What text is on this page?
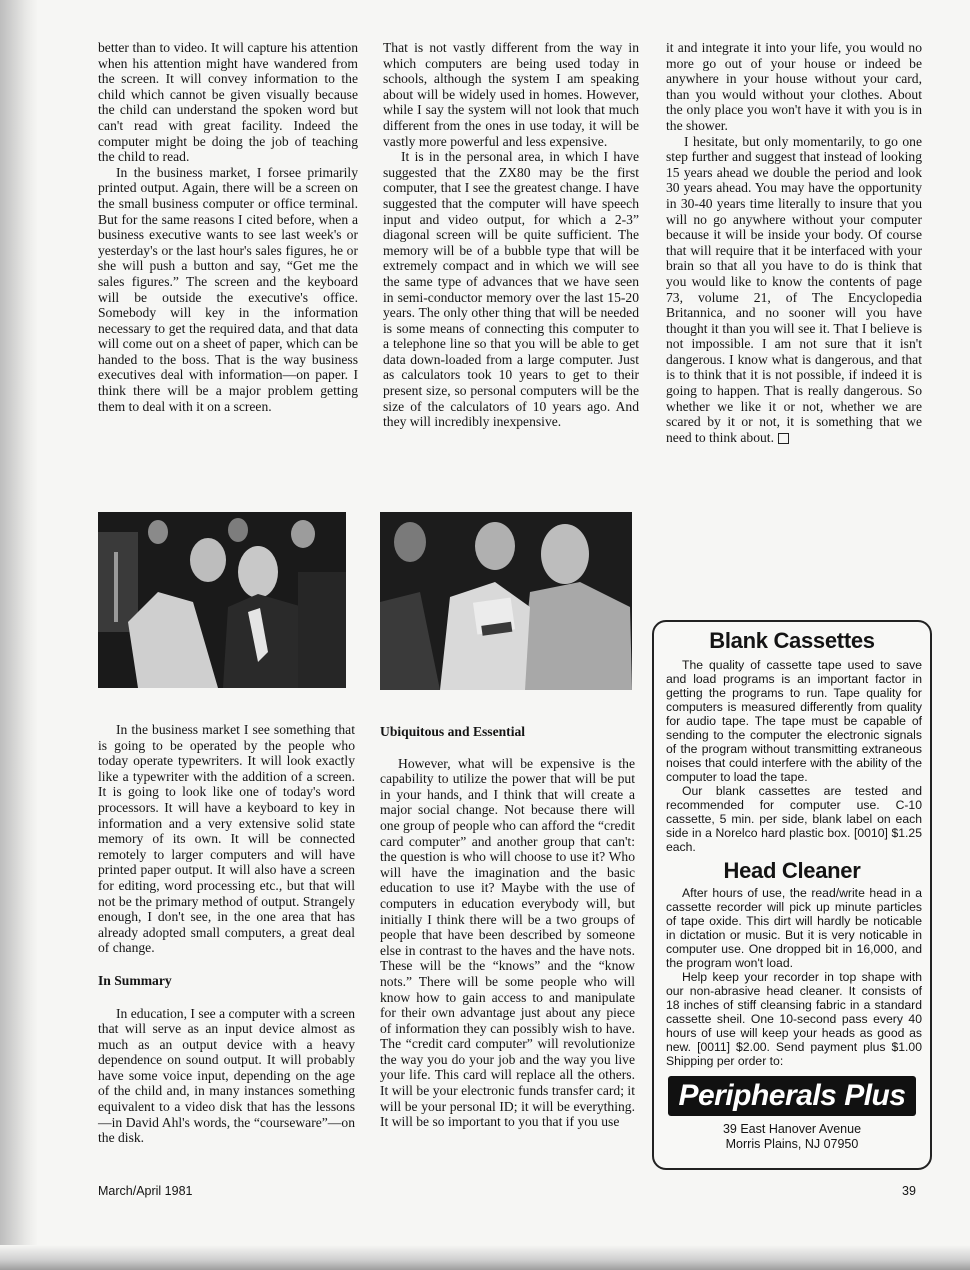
better than to video. It will capture his attention when his attention might have wandered from the screen. It will convey information to the child which cannot be given visually because the child can understand the spoken word but can't read with great facility. Indeed the computer might be doing the job of teaching the child to read.

In the business market, I forsee primarily printed output. Again, there will be a screen on the small business computer or office terminal. But for the same reasons I cited before, when a business executive wants to see last week's or yesterday's or the last hour's sales figures, he or she will push a button and say, “Get me the sales figures.” The screen and the keyboard will be outside the executive's office. Somebody will key in the information necessary to get the required data, and that data will come out on a sheet of paper, which can be handed to the boss. That is the way business executives deal with information—on paper. I think there will be a major problem getting them to deal with it on a screen.

That is not vastly different from the way in which computers are being used today in schools, although the system I am speaking about will be widely used in homes. However, while I say the system will not look that much different from the ones in use today, it will be vastly more powerful and less expensive.

It is in the personal area, in which I have suggested that the ZX80 may be the first computer, that I see the greatest change. I have suggested that the computer will have speech input and video output, for which a 2-3” diagonal screen will be quite sufficient. The memory will be of a bubble type that will be extremely compact and in which we will see the same type of advances that we have seen in semi-conductor memory over the last 15-20 years. The only other thing that will be needed is some means of connecting this computer to a telephone line so that you will be able to get data down-loaded from a large computer. Just as calculators took 10 years to get to their present size, so personal computers will be the size of the calculators of 10 years ago. And they will incredibly inexpensive.

it and integrate it into your life, you would no more go out of your house or indeed be anywhere in your house without your card, than you would without your clothes. About the only place you won't have it with you is in the shower.

I hesitate, but only momentarily, to go one step further and suggest that instead of looking 15 years ahead we double the period and look 30 years ahead. You may have the opportunity in 30-40 years time literally to insure that you will no go anywhere without your computer because it will be inside your body. Of course that will require that it be interfaced with your brain so that all you have to do is think that you would like to know the contents of page 73, volume 21, of The Encyclopedia Britannica, and no sooner will you have thought it than you will see it. That I believe is not impossible. I am not sure that it isn't dangerous. I know what is dangerous, and that is to think that it is not possible, if indeed it is going to happen. That is really dangerous. So whether we like it or not, whether we are scared by it or not, it is something that we need to think about.

In the business market I see something that is going to be operated by the people who today operate typewriters. It will look exactly like a typewriter with the addition of a screen. It is going to look like one of today's word processors. It will have a keyboard to key in information and a very extensive solid state memory of its own. It will be connected remotely to larger computers and will have printed paper output. It will also have a screen for editing, word processing etc., but that will not be the primary method of output. Strangely enough, I don't see, in the one area that has already adopted small computers, a great deal of change.

In Summary

In education, I see a computer with a screen that will serve as an input device almost as much as an output device with a heavy dependence on sound output. It will probably have some voice input, depending on the age of the child and, in many instances something equivalent to a video disk that has the lessons—in David Ahl's words, the “courseware”—on the disk.

Ubiquitous and Essential

However, what will be expensive is the capability to utilize the power that will be put in your hands, and I think that will create a major social change. Not because there will one group of people who can afford the “credit card computer” and another group that can't: the question is who will choose to use it? Who will have the imagination and the basic education to use it? Maybe with the use of computers in education everybody will, but initially I think there will be a two groups of people that have been described by someone else in contrast to the haves and the have nots. These will be the “knows” and the “know nots.” There will be some people who will know how to gain access to and manipulate for their own advantage just about any piece of information they can possibly wish to have. The “credit card computer” will revolutionize the way you do your job and the way you live your life. This card will replace all the others. It will be your electronic funds transfer card; it will be your personal ID; it will be everything. It will be so important to you that if you use

Blank Cassettes

The quality of cassette tape used to save and load programs is an important factor in getting the programs to run. Tape quality for computers is measured differently from quality for audio tape. The tape must be capable of sending to the computer the electronic signals of the program without transmitting extraneous noises that could interfere with the ability of the computer to load the tape.

Our blank cassettes are tested and recommended for computer use. C-10 cassette, 5 min. per side, blank label on each side in a Norelco hard plastic box. [0010] $1.25 each.

Head Cleaner

After hours of use, the read/write head in a cassette recorder will pick up minute particles of tape oxide. This dirt will hardly be noticable in dictation or music. But it is very noticable in computer use. One dropped bit in 16,000, and the program won't load.

Help keep your recorder in top shape with our non-abrasive head cleaner. It consists of 18 inches of stiff cleansing fabric in a standard cassette sheil. One 10-second pass every 40 hours of use will keep your heads as good as new. [0011] $2.00. Send payment plus $1.00 Shipping per order to:

Peripherals Plus
39 East Hanover Avenue
Morris Plains, NJ 07950
March/April 1981	39
